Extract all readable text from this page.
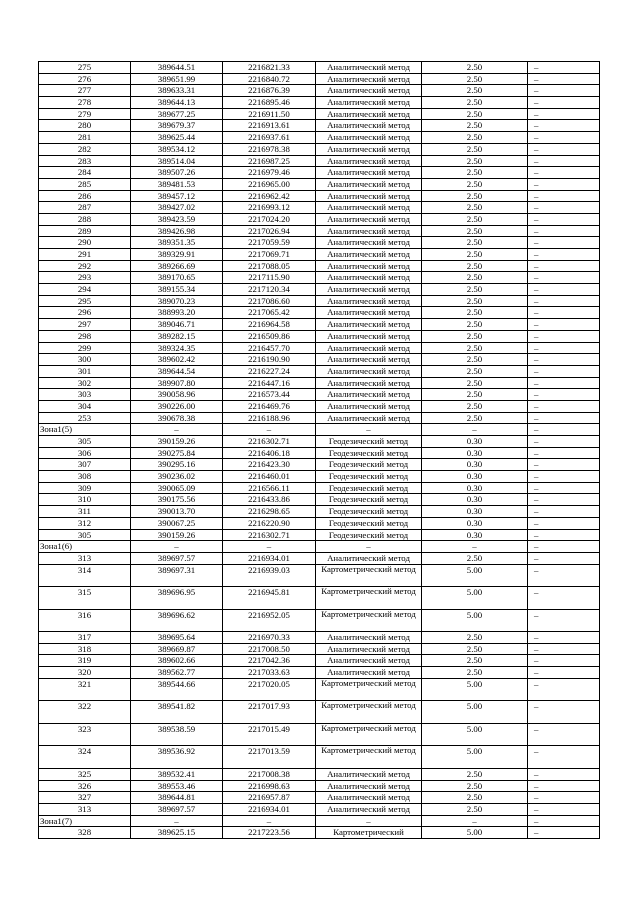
275	389644.51	2216821.33	Аналитический метод	2.50	–
276	389651.99	2216840.72	Аналитический метод	2.50	–
277	389633.31	2216876.39	Аналитический метод	2.50	–
278	389644.13	2216895.46	Аналитический метод	2.50	–
279	389677.25	2216911.50	Аналитический метод	2.50	–
280	389679.37	2216913.61	Аналитический метод	2.50	–
281	389625.44	2216937.61	Аналитический метод	2.50	–
282	389534.12	2216978.38	Аналитический метод	2.50	–
283	389514.04	2216987.25	Аналитический метод	2.50	–
284	389507.26	2216979.46	Аналитический метод	2.50	–
285	389481.53	2216965.00	Аналитический метод	2.50	–
286	389457.12	2216962.42	Аналитический метод	2.50	–
287	389427.02	2216993.12	Аналитический метод	2.50	–
288	389423.59	2217024.20	Аналитический метод	2.50	–
289	389426.98	2217026.94	Аналитический метод	2.50	–
290	389351.35	2217059.59	Аналитический метод	2.50	–
291	389329.91	2217069.71	Аналитический метод	2.50	–
292	389266.69	2217088.05	Аналитический метод	2.50	–
293	389170.65	2217115.90	Аналитический метод	2.50	–
294	389155.34	2217120.34	Аналитический метод	2.50	–
295	389070.23	2217086.60	Аналитический метод	2.50	–
296	388993.20	2217065.42	Аналитический метод	2.50	–
297	389046.71	2216964.58	Аналитический метод	2.50	–
298	389282.15	2216509.86	Аналитический метод	2.50	–
299	389324.35	2216457.70	Аналитический метод	2.50	–
300	389602.42	2216190.90	Аналитический метод	2.50	–
301	389644.54	2216227.24	Аналитический метод	2.50	–
302	389907.80	2216447.16	Аналитический метод	2.50	–
303	390058.96	2216573.44	Аналитический метод	2.50	–
304	390226.00	2216469.76	Аналитический метод	2.50	–
253	390678.38	2216188.96	Аналитический метод	2.50	–
Зона1(5)	–	–	–	–	–
305	390159.26	2216302.71	Геодезический метод	0.30	–
306	390275.84	2216406.18	Геодезический метод	0.30	–
307	390295.16	2216423.30	Геодезический метод	0.30	–
308	390236.02	2216460.01	Геодезический метод	0.30	–
309	390065.09	2216566.11	Геодезический метод	0.30	–
310	390175.56	2216433.86	Геодезический метод	0.30	–
311	390013.70	2216298.65	Геодезический метод	0.30	–
312	390067.25	2216220.90	Геодезический метод	0.30	–
305	390159.26	2216302.71	Геодезический метод	0.30	–
Зона1(6)	–	–	–	–	–
313	389697.57	2216934.01	Аналитический метод	2.50	–
314	389697.31	2216939.03	Картометрический метод	5.00	–
315	389696.95	2216945.81	Картометрический метод	5.00	–
316	389696.62	2216952.05	Картометрический метод	5.00	–
317	389695.64	2216970.33	Аналитический метод	2.50	–
318	389669.87	2217008.50	Аналитический метод	2.50	–
319	389602.66	2217042.36	Аналитический метод	2.50	–
320	389562.77	2217033.63	Аналитический метод	2.50	–
321	389544.66	2217020.05	Картометрический метод	5.00	–
322	389541.82	2217017.93	Картометрический метод	5.00	–
323	389538.59	2217015.49	Картометрический метод	5.00	–
324	389536.92	2217013.59	Картометрический метод	5.00	–
325	389532.41	2217008.38	Аналитический метод	2.50	–
326	389553.46	2216998.63	Аналитический метод	2.50	–
327	389644.81	2216957.87	Аналитический метод	2.50	–
313	389697.57	2216934.01	Аналитический метод	2.50	–
Зона1(7)	–	–	–	–	–
328	389625.15	2217223.56	Картометрический	5.00	–
